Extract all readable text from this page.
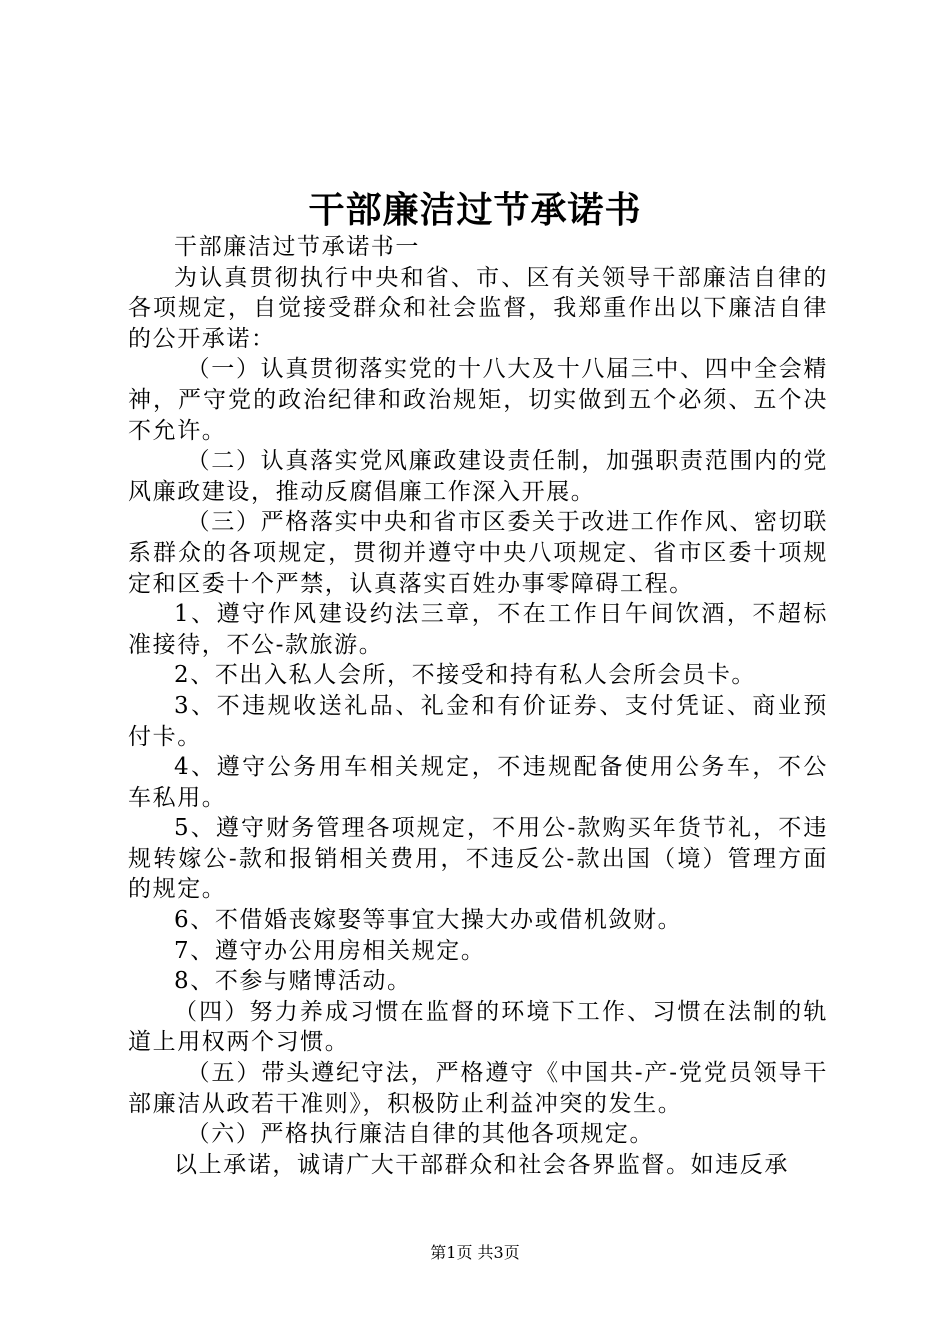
干部廉洁过节承诺书

干部廉洁过节承诺书一

为认真贯彻执行中央和省、市、区有关领导干部廉洁自律的各项规定，自觉接受群众和社会监督，我郑重作出以下廉洁自律的公开承诺：

（一）认真贯彻落实党的十八大及十八届三中、四中全会精神，严守党的政治纪律和政治规矩，切实做到五个必须、五个决不允许。

（二）认真落实党风廉政建设责任制，加强职责范围内的党风廉政建设，推动反腐倡廉工作深入开展。

（三）严格落实中央和省市区委关于改进工作作风、密切联系群众的各项规定，贯彻并遵守中央八项规定、省市区委十项规定和区委十个严禁，认真落实百姓办事零障碍工程。

1、遵守作风建设约法三章，不在工作日午间饮酒，不超标准接待，不公-款旅游。

2、不出入私人会所，不接受和持有私人会所会员卡。

3、不违规收送礼品、礼金和有价证券、支付凭证、商业预付卡。

4、遵守公务用车相关规定，不违规配备使用公务车，不公车私用。

5、遵守财务管理各项规定，不用公-款购买年货节礼，不违规转嫁公-款和报销相关费用，不违反公-款出国（境）管理方面的规定。

6、不借婚丧嫁娶等事宜大操大办或借机敛财。

7、遵守办公用房相关规定。

8、不参与赌博活动。

（四）努力养成习惯在监督的环境下工作、习惯在法制的轨道上用权两个习惯。

（五）带头遵纪守法，严格遵守《中国共-产-党党员领导干部廉洁从政若干准则》，积极防止利益冲突的发生。

（六）严格执行廉洁自律的其他各项规定。

以上承诺，诚请广大干部群众和社会各界监督。如违反承

第1页 共3页
